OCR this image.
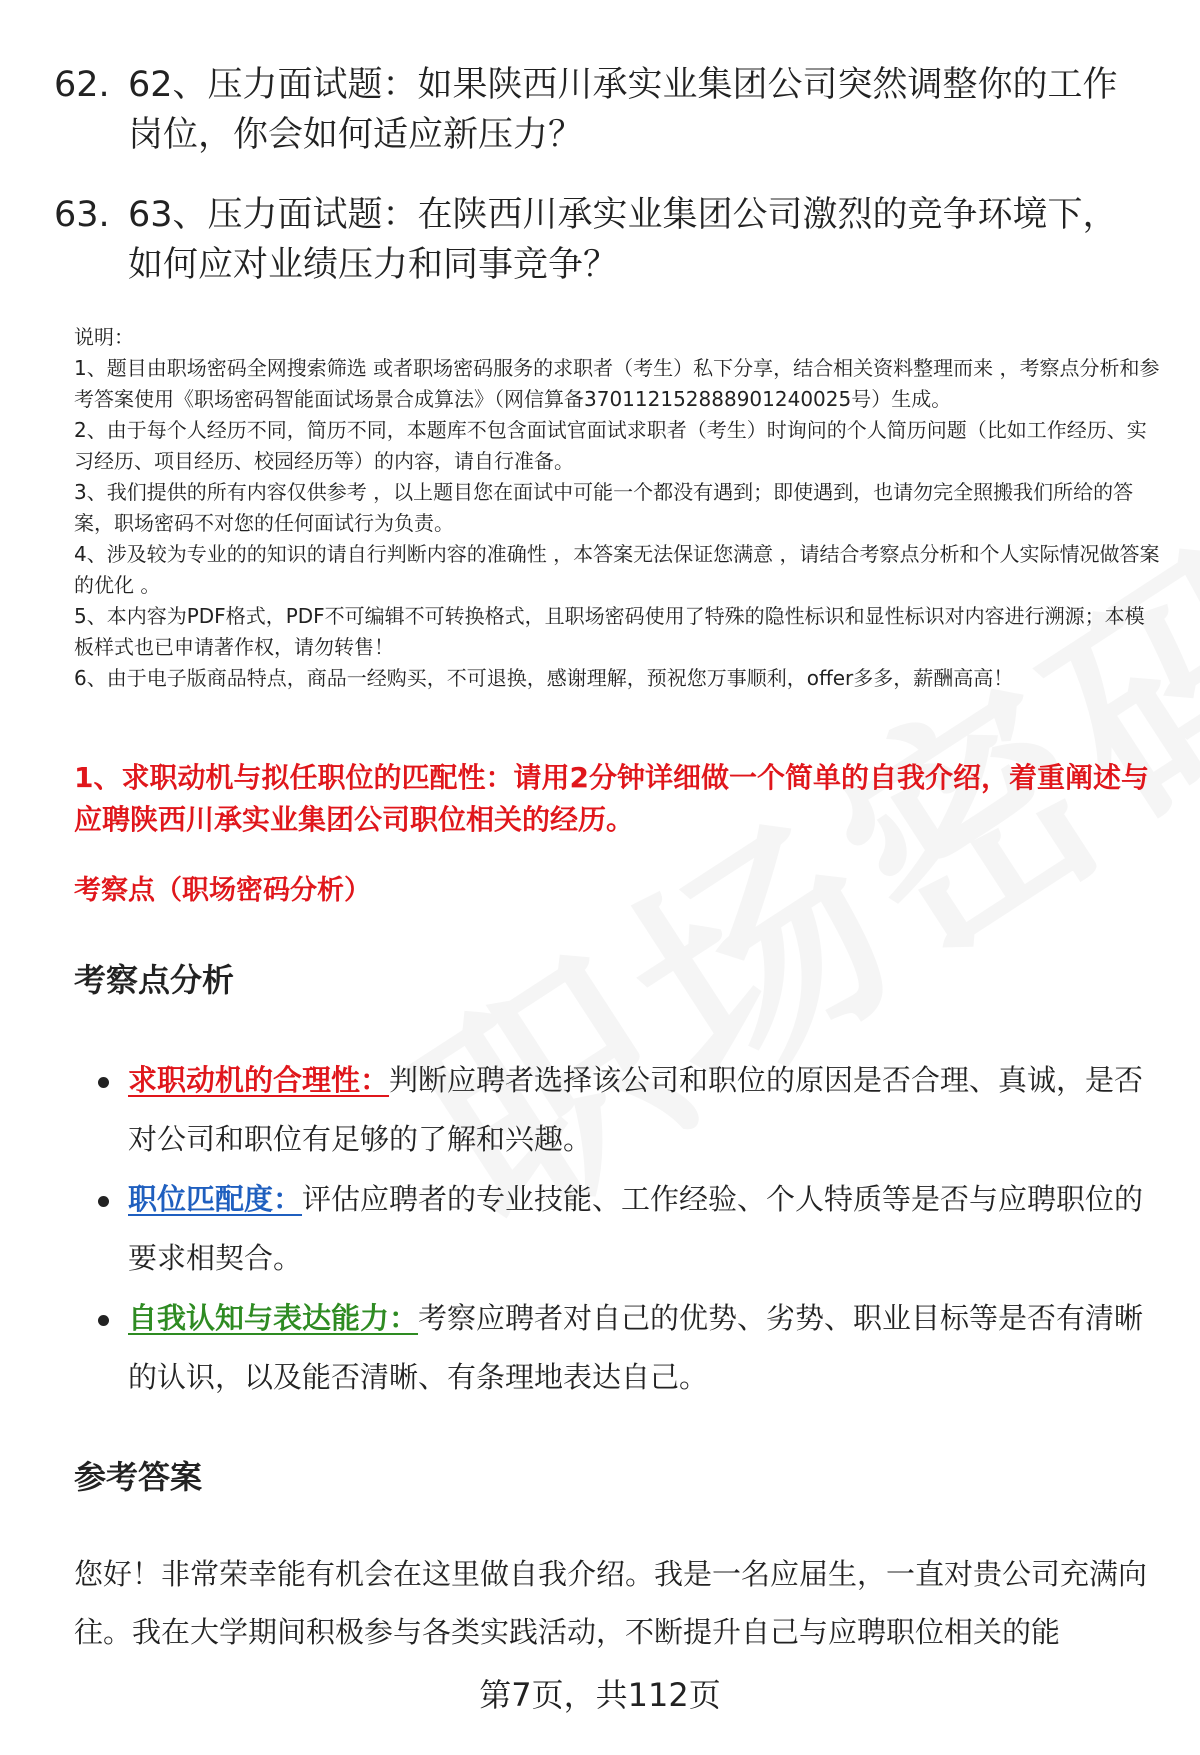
62. 62、压力面试题：如果陕西川承实业集团公司突然调整你的工作岗位，你会如何适应新压力？
63. 63、压力面试题：在陕西川承实业集团公司激烈的竞争环境下，如何应对业绩压力和同事竞争？

说明：

1、题目由职场密码全网搜索筛选 或者职场密码服务的求职者（考生）私下分享，结合相关资料整理而来 ，考察点分析和参考答案使用《职场密码智能面试场景合成算法》（网信算备370112152888901240025号）生成。

2、由于每个人经历不同，简历不同，本题库不包含面试官面试求职者（考生）时询问的个人简历问题（比如工作经历、实习经历、项目经历、校园经历等）的内容，请自行准备。

3、我们提供的所有内容仅供参考 ，以上题目您在面试中可能一个都没有遇到；即使遇到，也请勿完全照搬我们所给的答案，职场密码不对您的任何面试行为负责。

4、涉及较为专业的的知识的请自行判断内容的准确性 ，本答案无法保证您满意 ，请结合考察点分析和个人实际情况做答案的优化 。

5、本内容为PDF格式，PDF不可编辑不可转换格式，且职场密码使用了特殊的隐性标识和显性标识对内容进行溯源；本模板样式也已申请著作权，请勿转售！

6、由于电子版商品特点，商品一经购买，不可退换，感谢理解，预祝您万事顺利，offer多多，薪酬高高！

1、求职动机与拟任职位的匹配性：请用2分钟详细做一个简单的自我介绍，着重阐述与应聘陕西川承实业集团公司职位相关的经历。
考察点（职场密码分析）
考察点分析
求职动机的合理性：判断应聘者选择该公司和职位的原因是否合理、真诚，是否对公司和职位有足够的了解和兴趣。
职位匹配度：评估应聘者的专业技能、工作经验、个人特质等是否与应聘职位的要求相契合。
自我认知与表达能力：考察应聘者对自己的优势、劣势、职业目标等是否有清晰的认识，以及能否清晰、有条理地表达自己。
参考答案

您好！非常荣幸能有机会在这里做自我介绍。我是一名应届生，一直对贵公司充满向往。我在大学期间积极参与各类实践活动，不断提升自己与应聘职位相关的能

第7页，共112页
